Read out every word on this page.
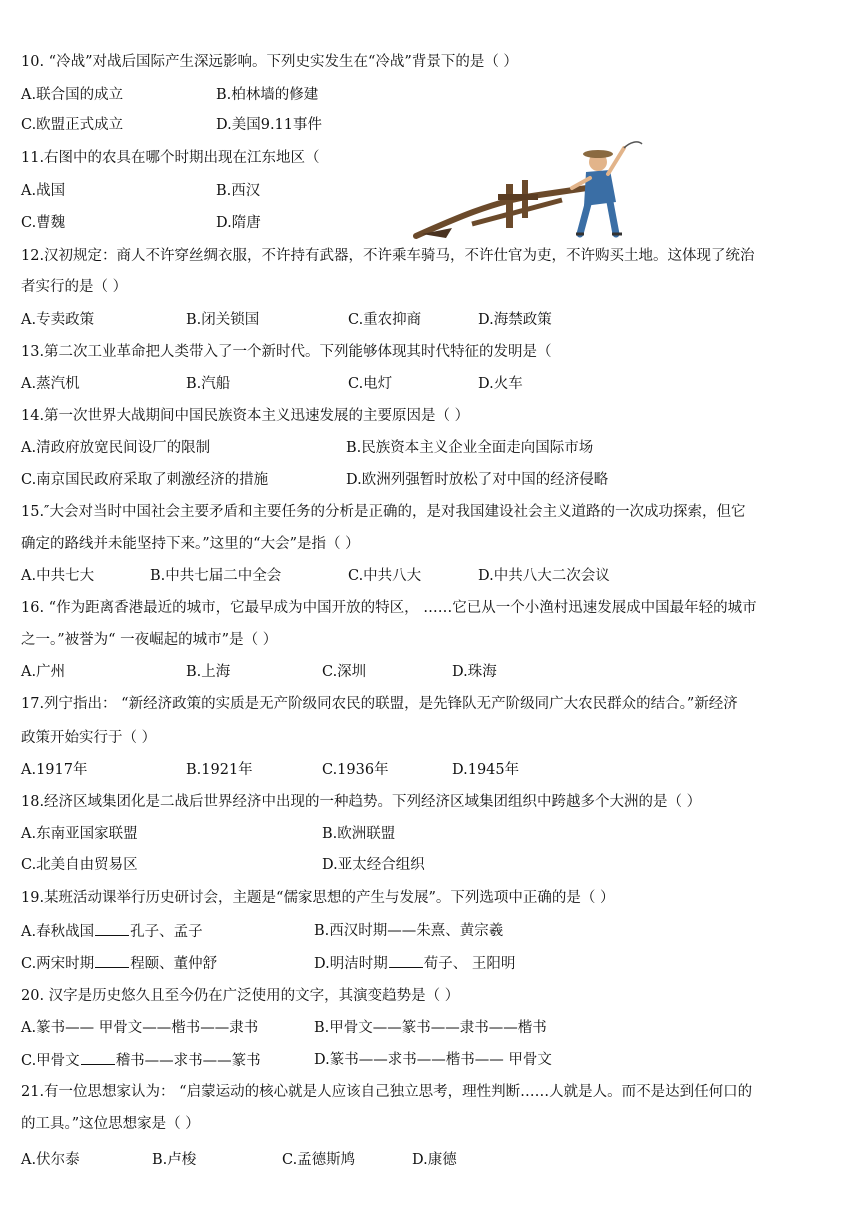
10. “冷战”对战后国际产生深远影响。下列史实发生在“冷战”背景下的是（ ）
A.联合国的成立	B.柏林墙的修建
C.欧盟正式成立	D.美国9.11事件
11.右图中的农具在哪个时期出现在江东地区（
A.战国	B.西汉
C.曹魏	D.隋唐
12.汉初规定：商人不许穿丝绸衣服，不许持有武器，不许乘车骑马，不许仕官为吏，不许购买土地。这体现了统治
者实行的是（ ）
A.专卖政策	B.闭关锁国	C.重农抑商	D.海禁政策
13.第二次工业革命把人类带入了一个新时代。下列能够体现其时代特征的发明是（
A.蒸汽机	B.汽船	C.电灯	D.火车
14.第一次世界大战期间中国民族资本主义迅速发展的主要原因是（ ）
A.清政府放宽民间设厂的限制	B.民族资本主义企业全面走向国际市场
C.南京国民政府采取了刺激经济的措施	D.欧洲列强暂时放松了对中国的经济侵略
15.″大会对当时中国社会主要矛盾和主要任务的分析是正确的，是对我国建设社会主义道路的一次成功探索，但它
确定的路线并未能坚持下来。”这里的“大会”是指（ ）
A.中共七大	B.中共七届二中全会	C.中共八大	D.中共八大二次会议
16. “作为距离香港最近的城市，它最早成为中国开放的特区， ……它已从一个小渔村迅速发展成中国最年轻的城市
之一。”被誉为“ 一夜崛起的城市”是（ ）
A.广州	B.上海	C.深圳	D.珠海
17.列宁指出： “新经济政策的实质是无产阶级同农民的联盟，是先锋队无产阶级同广大农民群众的结合。”新经济
政策开始实行于（ ）
A.1917年	B.1921年	C.1936年	D.1945年
18.经济区域集团化是二战后世界经济中出现的一种趋势。下列经济区域集团组织中跨越多个大洲的是（ ）
A.东南亚国家联盟	B.欧洲联盟
C.北美自由贸易区	D.亚太经合组织
19.某班活动课举行历史研讨会，主题是“儒家思想的产生与发展”。下列选项中正确的是（ ）
A.春秋战国 孔子、孟子	B.西汉时期——朱熹、黄宗羲
C.两宋时期 程颐、董仲舒	D.明洁时期 荀子、 王阳明
20. 汉字是历史悠久且至今仍在广泛使用的文字，其演变趋势是（ ）
A.篆书—— 甲骨文——楷书——隶书	B.甲骨文——篆书——隶书——楷书
C.甲骨文 稽书——求书——篆书	D.篆书——求书——楷书—— 甲骨文
21.有一位思想家认为： “启蒙运动的核心就是人应该自己独立思考，理性判断……人就是人。而不是达到任何口的
的工具。”这位思想家是（ ）
A.伏尔泰	B.卢梭	C.孟德斯鸠	D.康德
